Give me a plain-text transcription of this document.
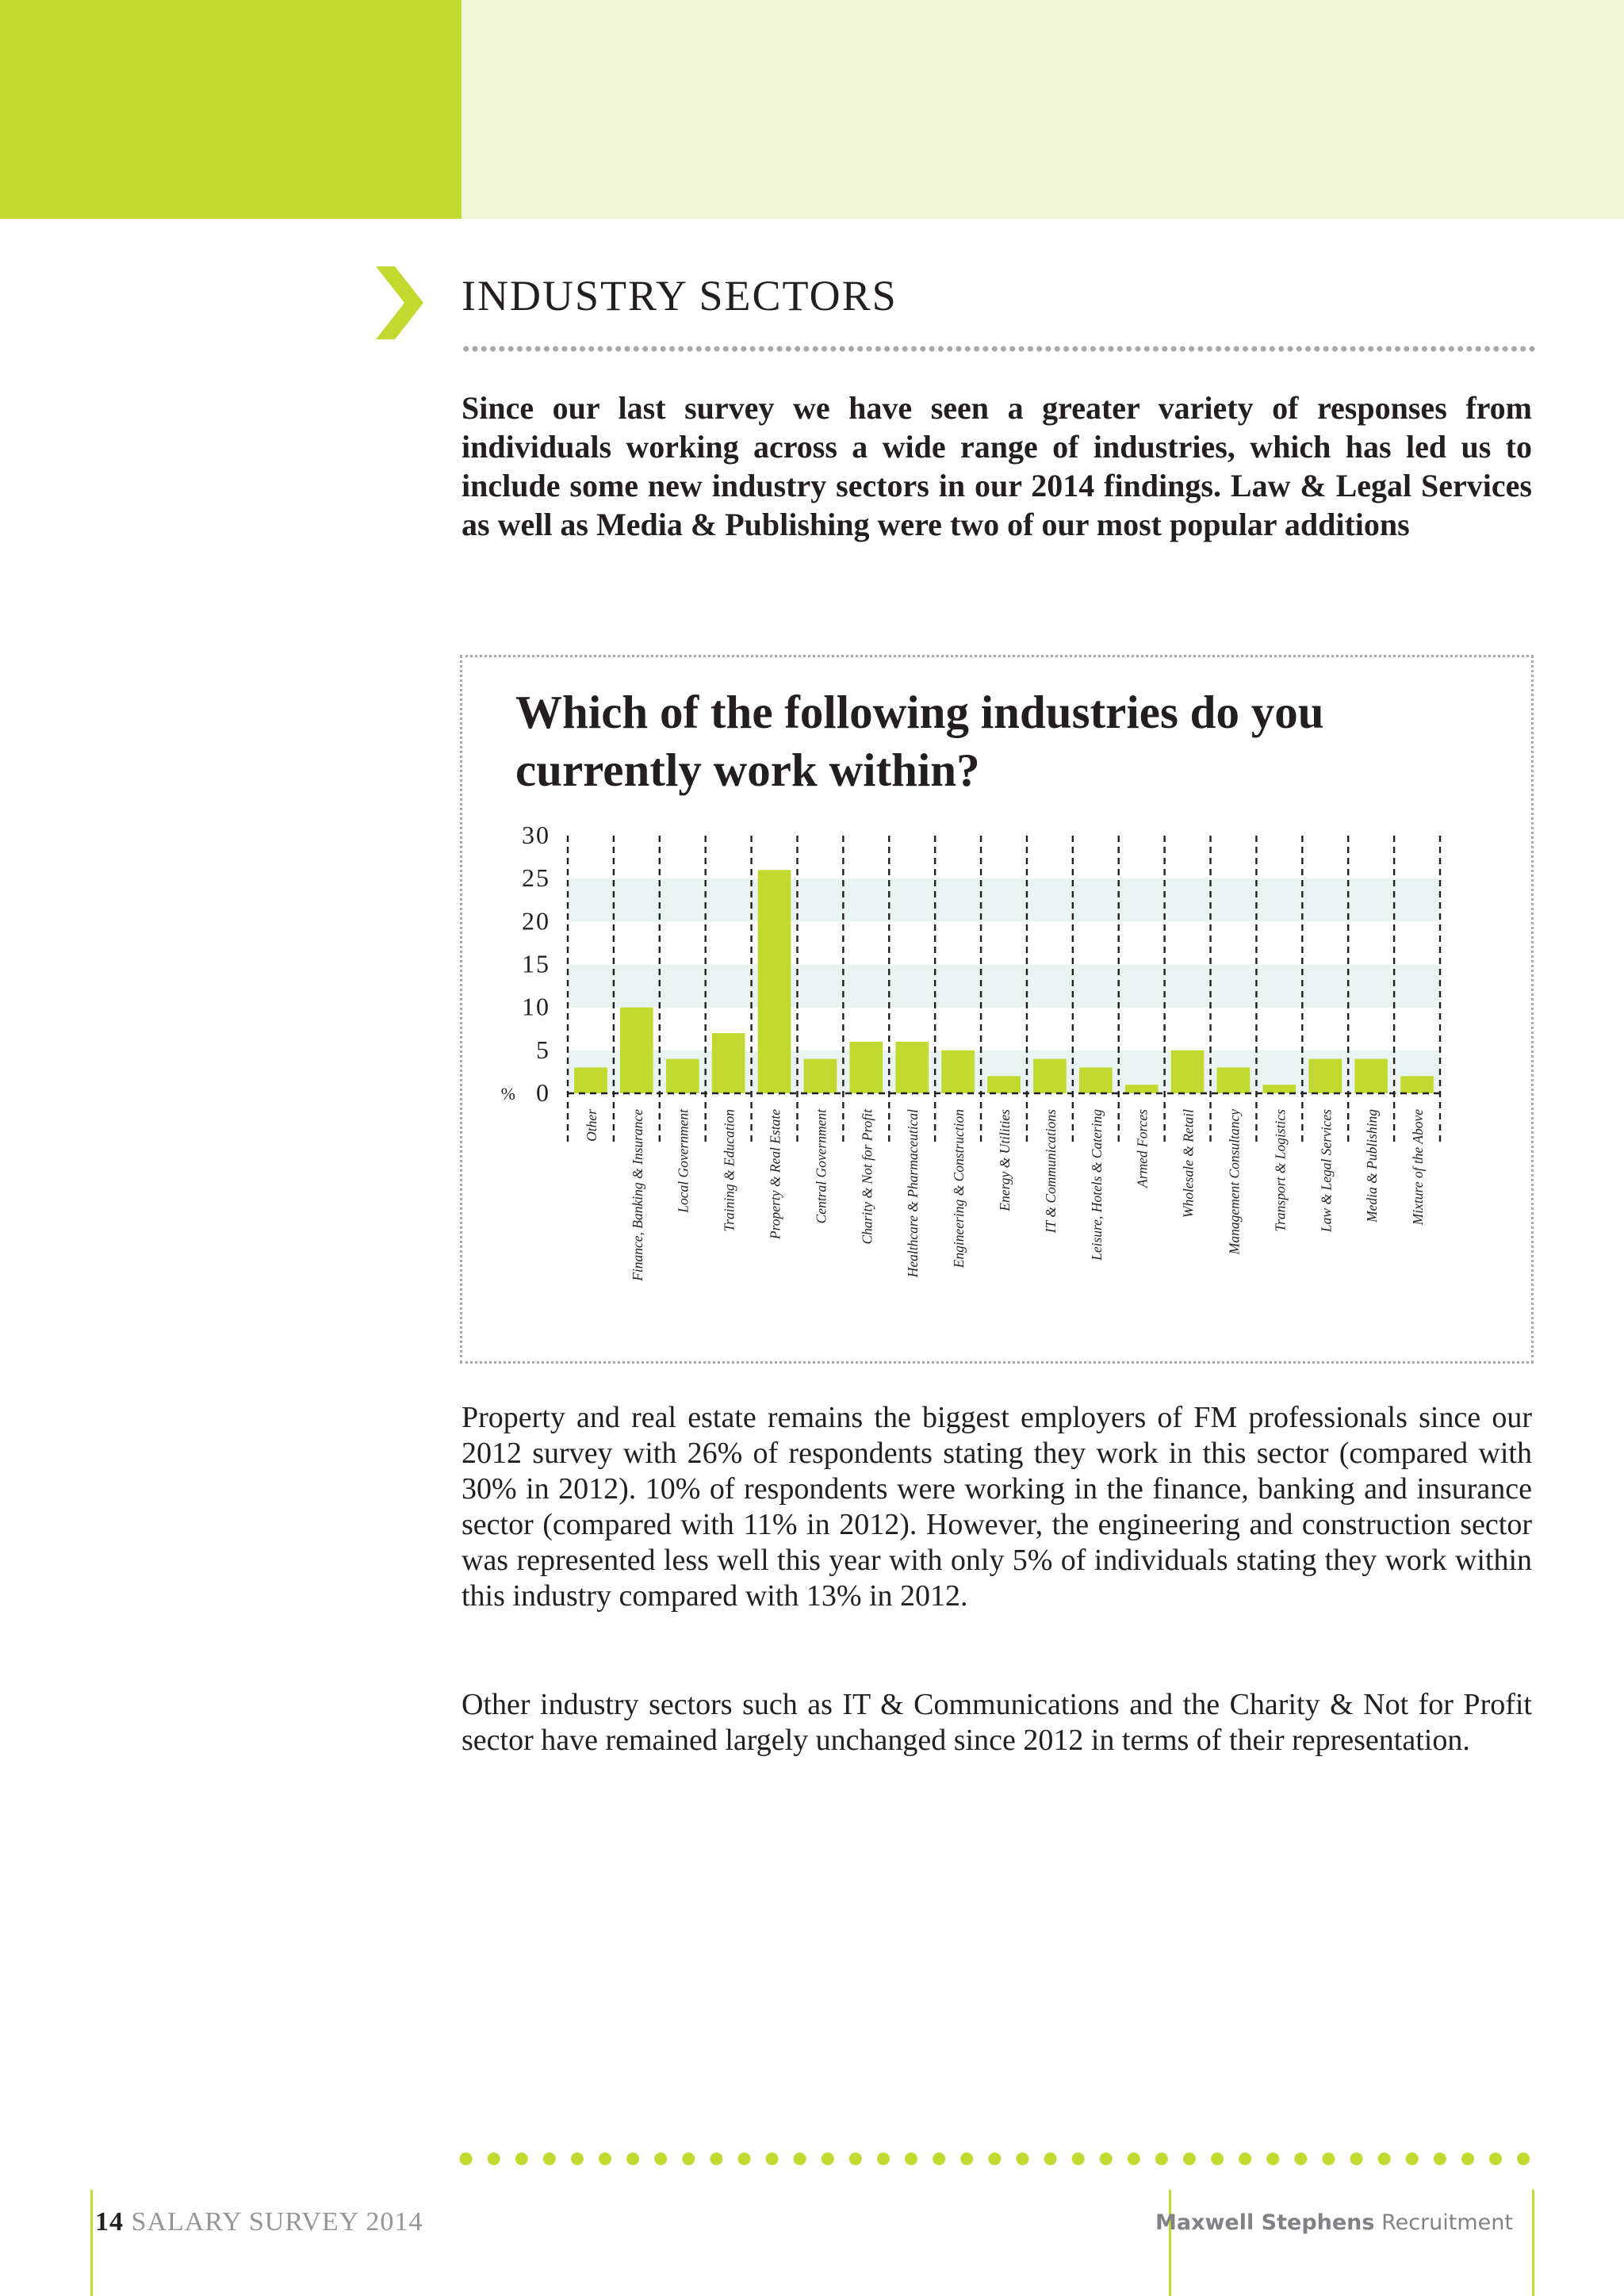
INDUSTRY SECTORS

Since our last survey we have seen a greater variety of responses from individuals working across a wide range of industries, which has led us to include some new industry sectors in our 2014 findings. Law & Legal Services as well as Media & Publishing were two of our most popular additions

Which of the following industries do you currently work within?
30
25
20
15
10
5
0
%
Other Finance, Banking & Insurance Local Government Training & Education Property & Real Estate Central Government Charity & Not for Profit Healthcare & Pharmaceutical Engineering & Construction Energy & Utilities IT & Communications Leisure, Hotels & Catering Armed Forces Wholesale & Retail Management Consultancy Transport & Logistics Law & Legal Services Media & Publishing Mixture of the Above

Property and real estate remains the biggest employers of FM professionals since our 2012 survey with 26% of respondents stating they work in this sector (compared with 30% in 2012). 10% of respondents were working in the finance, banking and insurance sector (compared with 11% in 2012). However, the engineering and construction sector was represented less well this year with only 5% of individuals stating they work within this industry compared with 13% in 2012.

Other industry sectors such as IT & Communications and the Charity & Not for Profit sector have remained largely unchanged since 2012 in terms of their representation.

14 SALARY SURVEY 2014	Maxwell Stephens Recruitment
